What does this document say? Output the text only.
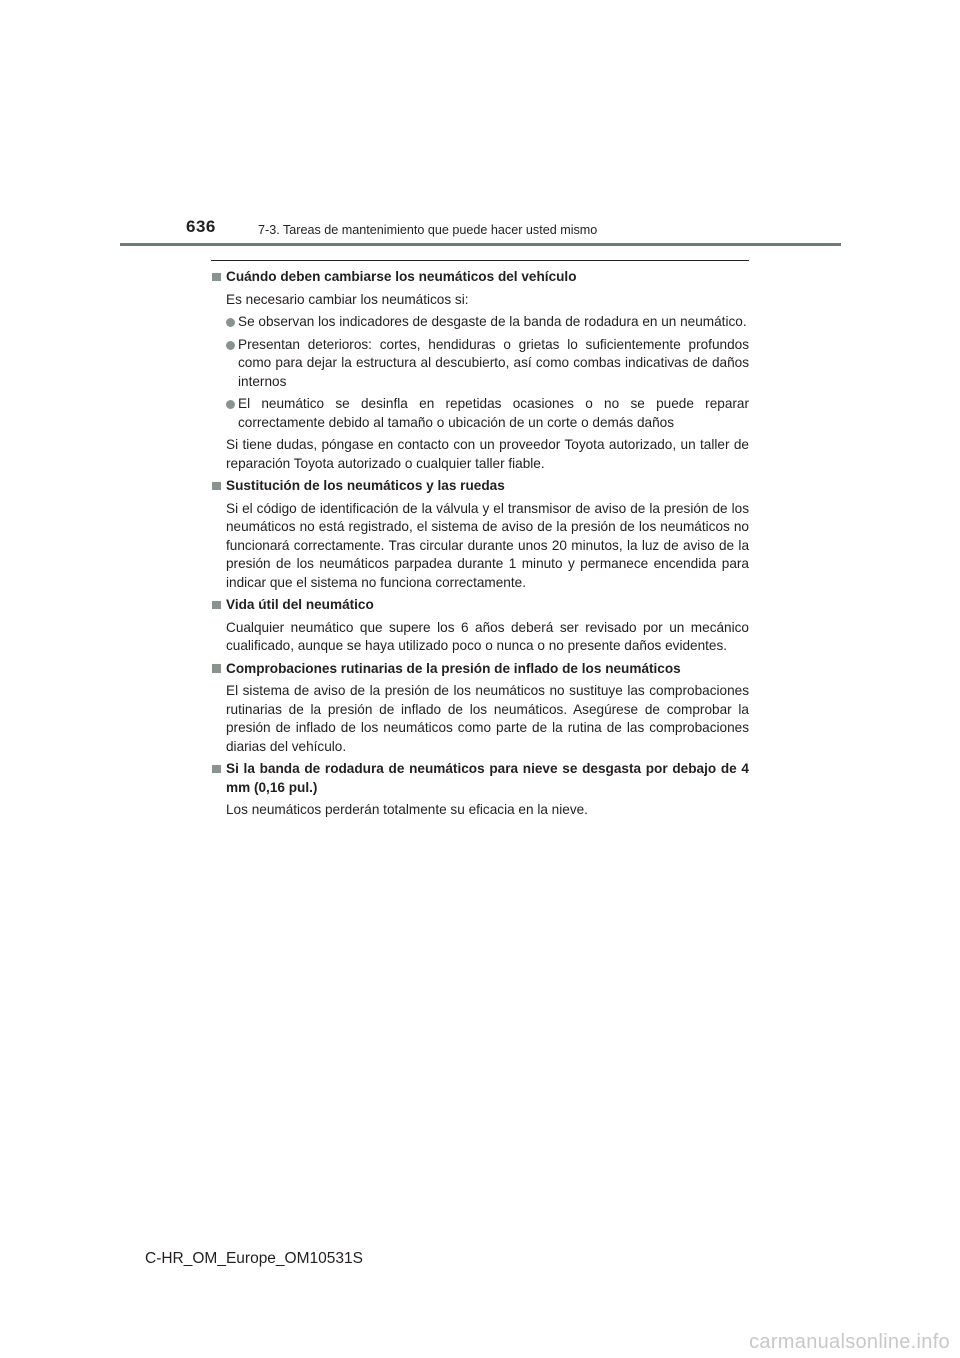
636	7-3. Tareas de mantenimiento que puede hacer usted mismo
Cuándo deben cambiarse los neumáticos del vehículo
Es necesario cambiar los neumáticos si:
Se observan los indicadores de desgaste de la banda de rodadura en un neumático.
Presentan deterioros: cortes, hendiduras o grietas lo suficientemente profundos como para dejar la estructura al descubierto, así como combas indicativas de daños internos
El neumático se desinfla en repetidas ocasiones o no se puede reparar correctamente debido al tamaño o ubicación de un corte o demás daños
Si tiene dudas, póngase en contacto con un proveedor Toyota autorizado, un taller de reparación Toyota autorizado o cualquier taller fiable.
Sustitución de los neumáticos y las ruedas
Si el código de identificación de la válvula y el transmisor de aviso de la presión de los neumáticos no está registrado, el sistema de aviso de la presión de los neumáticos no funcionará correctamente. Tras circular durante unos 20 minutos, la luz de aviso de la presión de los neumáticos parpadea durante 1 minuto y permanece encendida para indicar que el sistema no funciona correctamente.
Vida útil del neumático
Cualquier neumático que supere los 6 años deberá ser revisado por un mecánico cualificado, aunque se haya utilizado poco o nunca o no presente daños evidentes.
Comprobaciones rutinarias de la presión de inflado de los neumáticos
El sistema de aviso de la presión de los neumáticos no sustituye las comprobaciones rutinarias de la presión de inflado de los neumáticos. Asegúrese de comprobar la presión de inflado de los neumáticos como parte de la rutina de las comprobaciones diarias del vehículo.
Si la banda de rodadura de neumáticos para nieve se desgasta por debajo de 4 mm (0,16 pul.)
Los neumáticos perderán totalmente su eficacia en la nieve.
C-HR_OM_Europe_OM10531S
carmanualsonline.info
